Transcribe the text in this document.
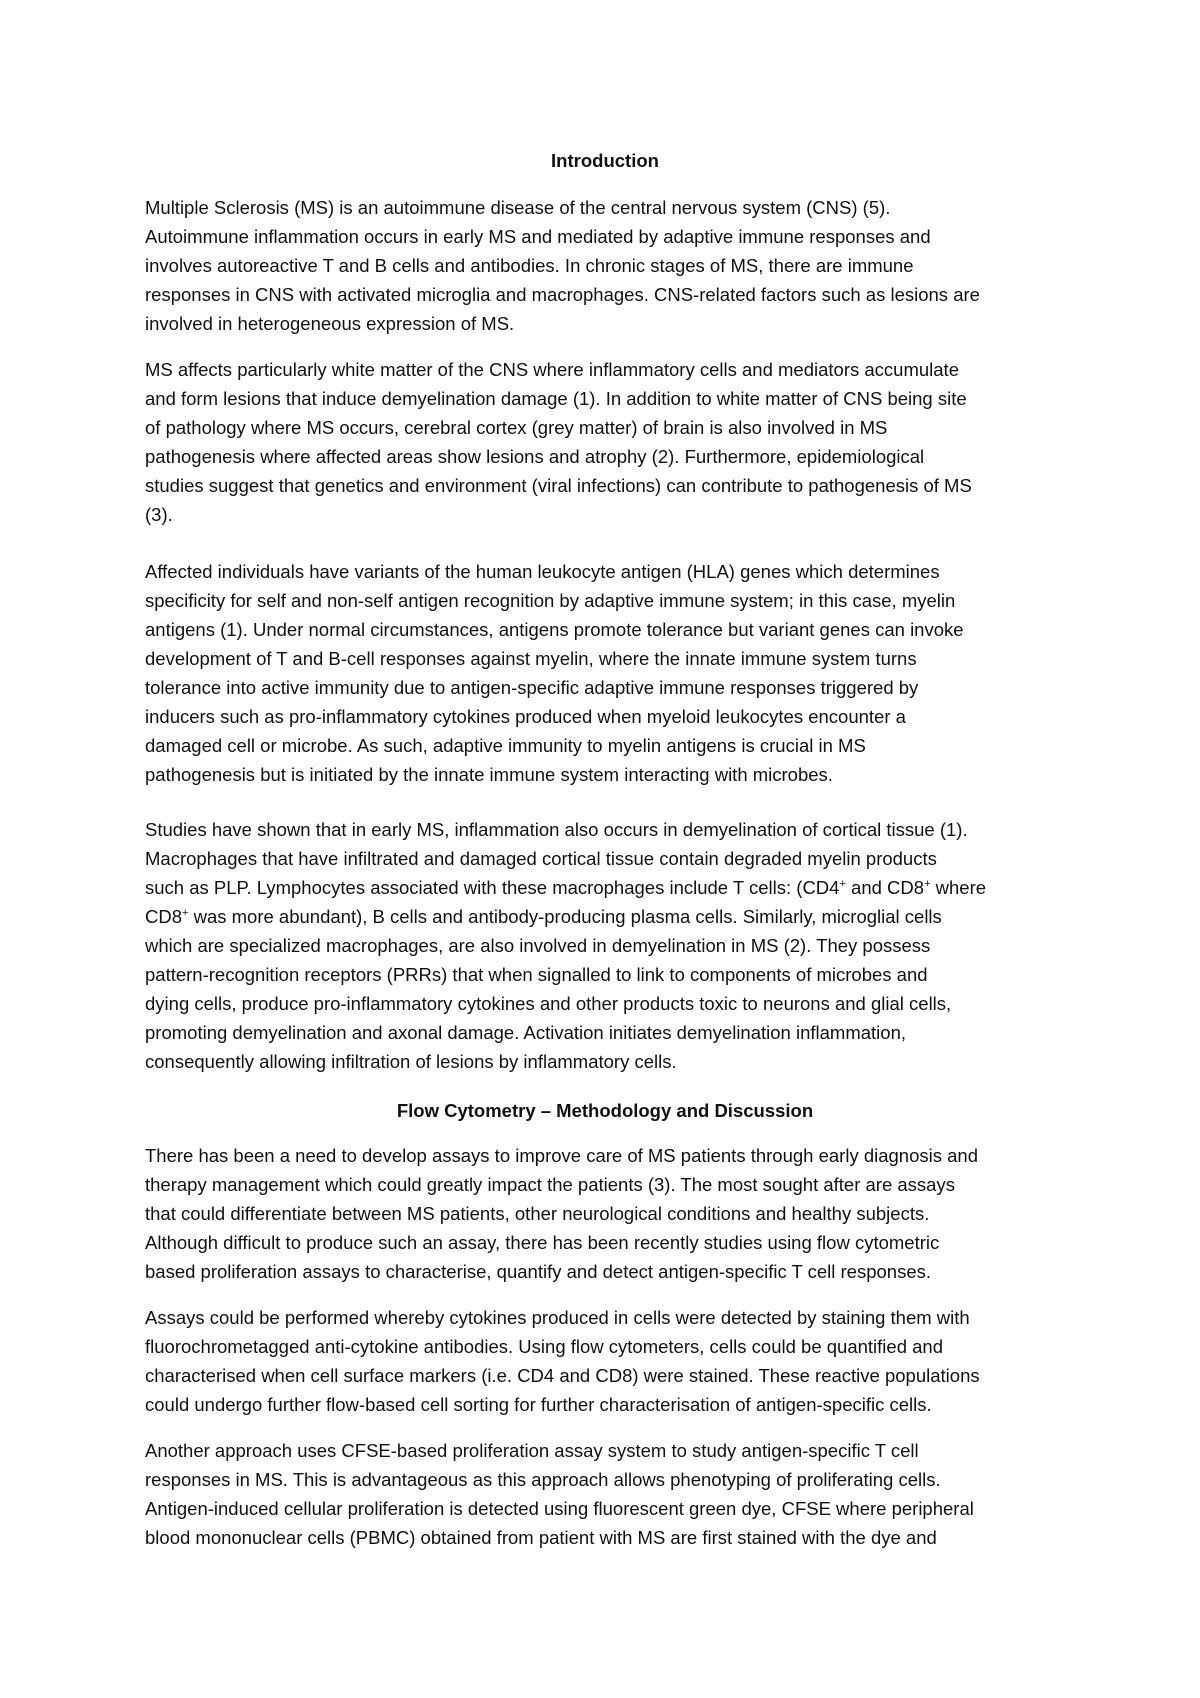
Introduction
Multiple Sclerosis (MS) is an autoimmune disease of the central nervous system (CNS) (5).
Autoimmune inflammation occurs in early MS and mediated by adaptive immune responses and
involves autoreactive T and B cells and antibodies. In chronic stages of MS, there are immune
responses in CNS with activated microglia and macrophages. CNS-related factors such as lesions are
involved in heterogeneous expression of MS.
MS affects particularly white matter of the CNS where inflammatory cells and mediators accumulate
and form lesions that induce demyelination damage (1). In addition to white matter of CNS being site
of pathology where MS occurs, cerebral cortex (grey matter) of brain is also involved in MS
pathogenesis where affected areas show lesions and atrophy (2). Furthermore, epidemiological
studies suggest that genetics and environment (viral infections) can contribute to pathogenesis of MS
(3).
Affected individuals have variants of the human leukocyte antigen (HLA) genes which determines
specificity for self and non-self antigen recognition by adaptive immune system; in this case, myelin
antigens (1). Under normal circumstances, antigens promote tolerance but variant genes can invoke
development of T and B-cell responses against myelin, where the innate immune system turns
tolerance into active immunity due to antigen-specific adaptive immune responses triggered by
inducers such as pro-inflammatory cytokines produced when myeloid leukocytes encounter a
damaged cell or microbe. As such, adaptive immunity to myelin antigens is crucial in MS
pathogenesis but is initiated by the innate immune system interacting with microbes.
Studies have shown that in early MS, inflammation also occurs in demyelination of cortical tissue (1).
Macrophages that have infiltrated and damaged cortical tissue contain degraded myelin products
such as PLP. Lymphocytes associated with these macrophages include T cells: (CD4+ and CD8+ where
CD8+ was more abundant), B cells and antibody-producing plasma cells. Similarly, microglial cells
which are specialized macrophages, are also involved in demyelination in MS (2). They possess
pattern-recognition receptors (PRRs) that when signalled to link to components of microbes and
dying cells, produce pro-inflammatory cytokines and other products toxic to neurons and glial cells,
promoting demyelination and axonal damage. Activation initiates demyelination inflammation,
consequently allowing infiltration of lesions by inflammatory cells.
Flow Cytometry – Methodology and Discussion
There has been a need to develop assays to improve care of MS patients through early diagnosis and
therapy management which could greatly impact the patients (3). The most sought after are assays
that could differentiate between MS patients, other neurological conditions and healthy subjects.
Although difficult to produce such an assay, there has been recently studies using flow cytometric
based proliferation assays to characterise, quantify and detect antigen-specific T cell responses.
Assays could be performed whereby cytokines produced in cells were detected by staining them with
fluorochrometagged anti-cytokine antibodies. Using flow cytometers, cells could be quantified and
characterised when cell surface markers (i.e. CD4 and CD8) were stained. These reactive populations
could undergo further flow-based cell sorting for further characterisation of antigen-specific cells.
Another approach uses CFSE-based proliferation assay system to study antigen-specific T cell
responses in MS. This is advantageous as this approach allows phenotyping of proliferating cells.
Antigen-induced cellular proliferation is detected using fluorescent green dye, CFSE where peripheral
blood mononuclear cells (PBMC) obtained from patient with MS are first stained with the dye and
